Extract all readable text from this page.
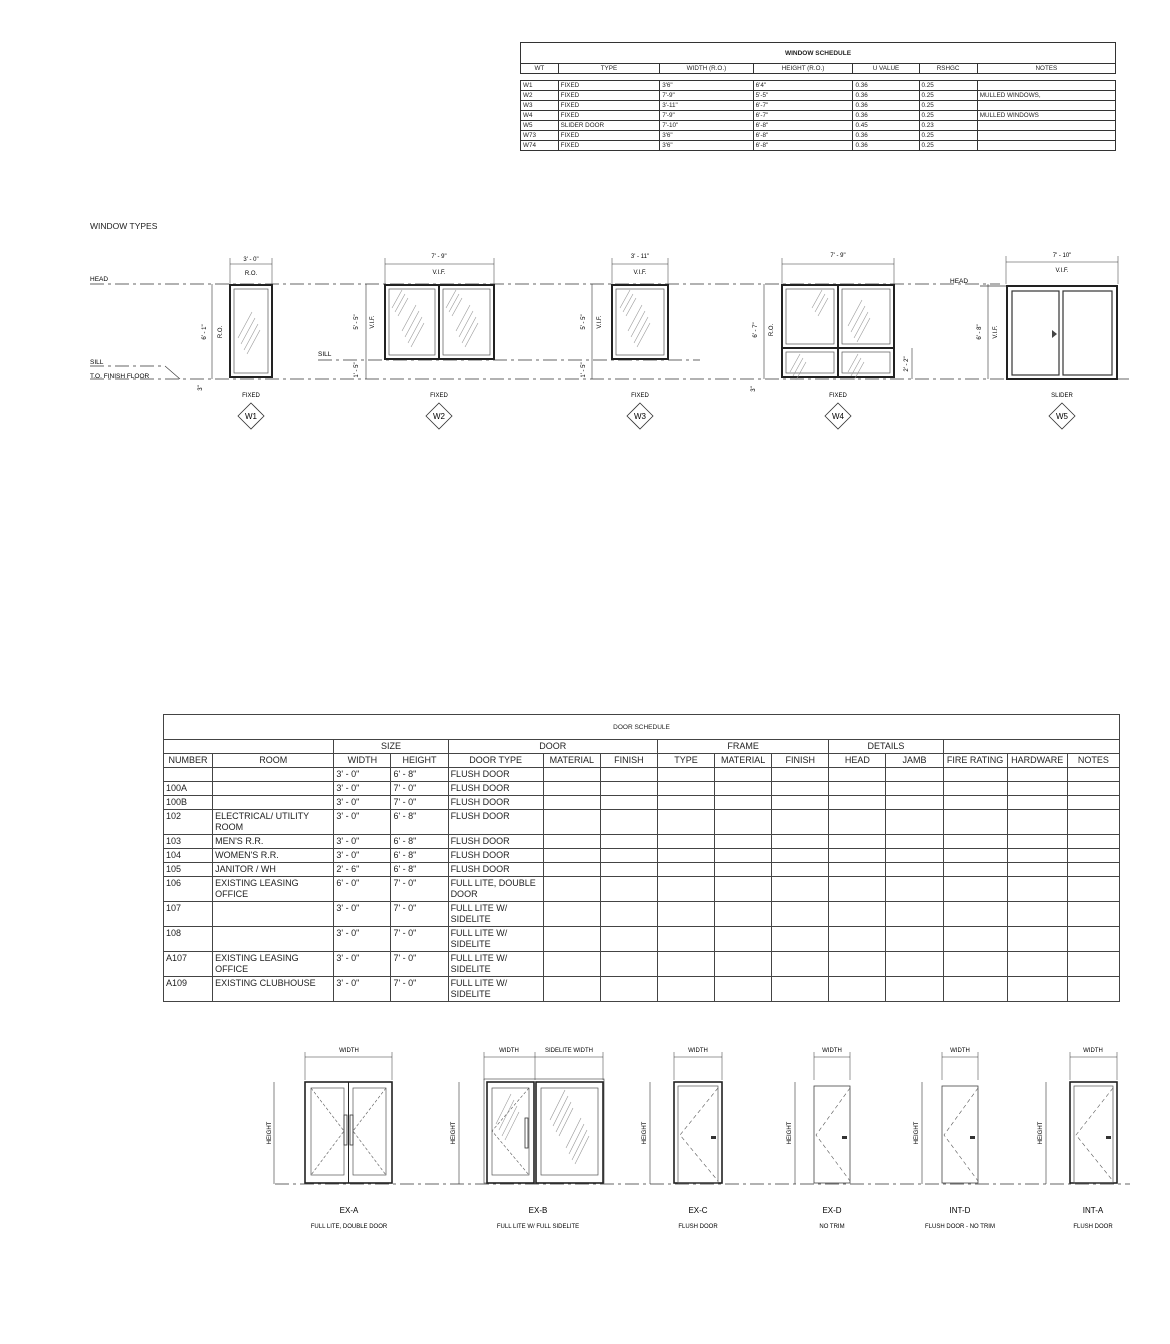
WINDOW SCHEDULE						
WT	TYPE	WIDTH (R.O.)	HEIGHT (R.O.)	U VALUE	RSHGC	NOTES

W1	FIXED	3'6"	6'4"	0.36	0.25	
W2	FIXED	7'-9"	5'-5"	0.36	0.25	MULLED WINDOWS,
W3	FIXED	3'-11"	6'-7"	0.36	0.25	
W4	FIXED	7'-9"	6'-7"	0.36	0.25	MULLED WINDOWS
W5	SLIDER DOOR	7'-10"	6'-8"	0.45	0.23	
W73	FIXED	3'6"	6'-8"	0.36	0.25	
W74	FIXED	3'6"	6'-8"	0.36	0.25	
WINDOW TYPES
HEAD
SILL
T.O. FINISH FLOOR
HEAD
3' - 0"
R.O.
6' - 1" R.O.
3"
FIXED
W1
7' - 9"
V.I.F.
5' - 5" V.I.F.
1' - 5"
SILL
FIXED
W2
3' - 11"
V.I.F.
5' - 5" V.I.F.
1' - 5"
FIXED
W3
7' - 9"
6' - 7" R.O.
3"
2' - 2"
FIXED
W4
7' - 10"
V.I.F.
6' - 8" V.I.F.
SLIDER
W5
DOOR SCHEDULE														
		SIZE		DOOR			FRAME			DETAILS				
NUMBER	ROOM	WIDTH	HEIGHT	DOOR TYPE	MATERIAL	FINISH	TYPE	MATERIAL	FINISH	HEAD	JAMB	FIRE RATING	HARDWARE	NOTES
		3' - 0"	6' - 8"	FLUSH DOOR										
100A		3' - 0"	7' - 0"	FLUSH DOOR										
100B		3' - 0"	7' - 0"	FLUSH DOOR										
102	ELECTRICAL/ UTILITY ROOM	3' - 0"	6' - 8"	FLUSH DOOR										
103	MEN'S R.R.	3' - 0"	6' - 8"	FLUSH DOOR										
104	WOMEN'S R.R.	3' - 0"	6' - 8"	FLUSH DOOR										
105	JANITOR / WH	2' - 6"	6' - 8"	FLUSH DOOR										
106	EXISTING LEASING OFFICE	6' - 0"	7' - 0"	FULL LITE, DOUBLE DOOR										
107		3' - 0"	7' - 0"	FULL LITE W/ SIDELITE										
108		3' - 0"	7' - 0"	FULL LITE W/ SIDELITE										
A107	EXISTING LEASING OFFICE	3' - 0"	7' - 0"	FULL LITE W/ SIDELITE										
A109	EXISTING CLUBHOUSE	3' - 0"	7' - 0"	FULL LITE W/ SIDELITE										
WIDTH
HEIGHT
EX-A
FULL LITE, DOUBLE DOOR
WIDTH	SIDELITE WIDTH
HEIGHT
EX-B
FULL LITE W/ FULL SIDELITE
WIDTH
HEIGHT
EX-C
FLUSH DOOR
WIDTH
HEIGHT
EX-D
NO TRIM
WIDTH
HEIGHT
INT-D
FLUSH DOOR - NO TRIM
WIDTH
HEIGHT
INT-A
FLUSH DOOR
